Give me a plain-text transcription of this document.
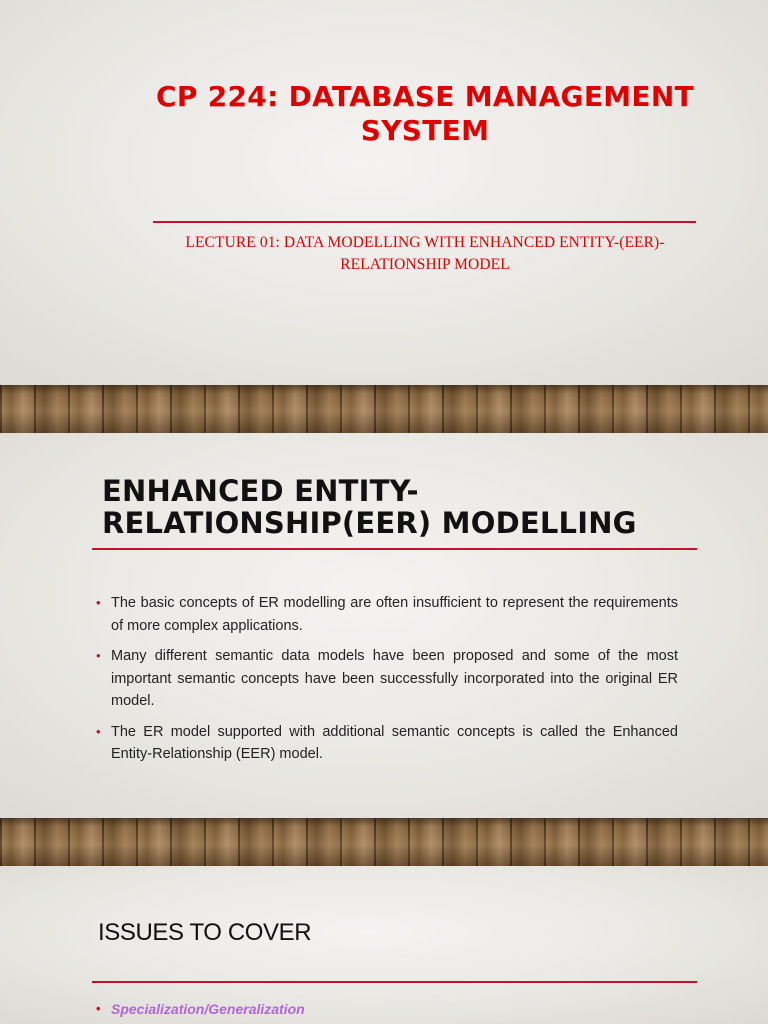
CP 224: DATABASE MANAGEMENT
SYSTEM
LECTURE 01: DATA MODELLING WITH ENHANCED ENTITY-(EER)-
RELATIONSHIP MODEL
ENHANCED ENTITY-
RELATIONSHIP(EER) MODELLING
• The basic concepts of ER modelling are often insufficient to represent the requirements of more complex applications.
• Many different semantic data models have been proposed and some of the most important semantic concepts have been successfully incorporated into the original ER model.
• The ER model supported with additional semantic concepts is called the Enhanced Entity-Relationship (EER) model.
ISSUES TO COVER
• Specialization/Generalization
